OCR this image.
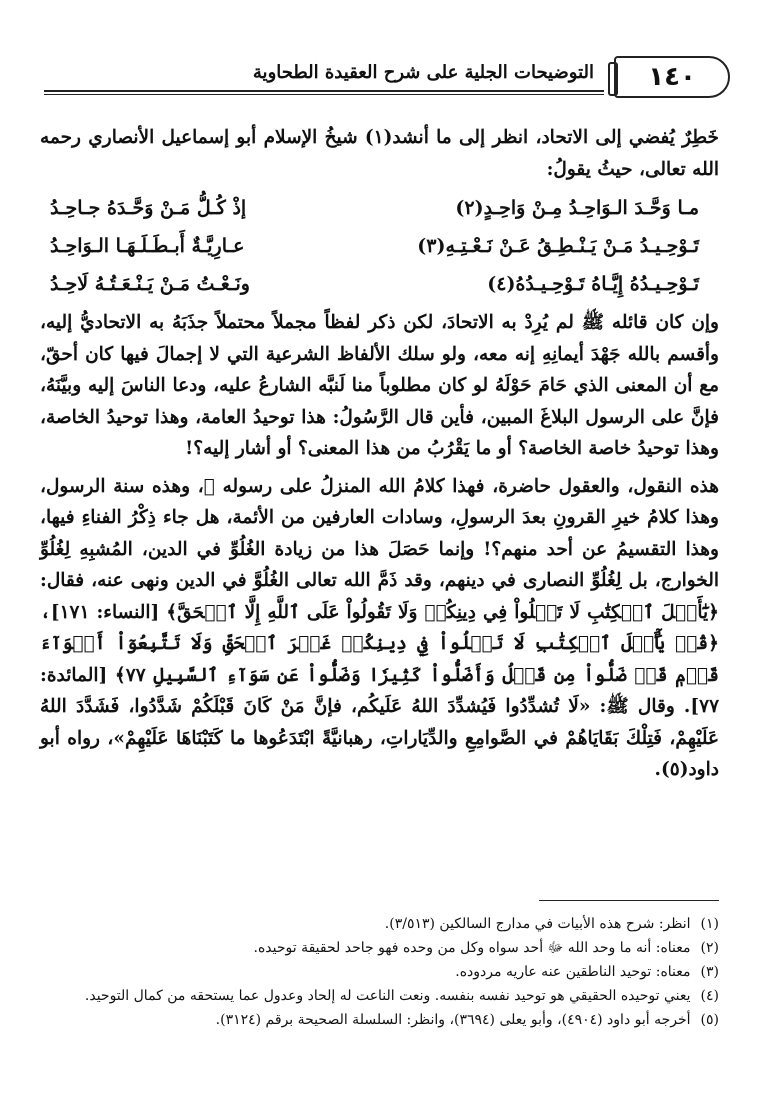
١٤٠
التوضيحات الجلية على شرح العقيدة الطحاوية

خَطِرٌ يُفضي إلى الاتحاد، انظر إلى ما أنشد(١) شيخُ الإسلام أبو إسماعيل الأنصاري رحمه الله تعالى، حيثُ يقولُ:

مـا وَحَّـدَ الـوَاحِـدُ مِـنْ وَاحِـدٍ(٢)
إذْ كُـلُّ مَـنْ وَحَّـدَهُ جـاحِـدُ
تَـوْحِـيـدُ مَـنْ يَـنْـطِـقُ عَـنْ نَـعْـتِـهِ(٣)
عـارِيَّـةٌ أَبـطَـلَـهَـا الـوَاحِـدُ
تَـوْحِـيـدُهُ إِيَّـاهُ تَـوْحِـيـدُهُ(٤)
ونَـعْـتُ مَـنْ يَـنْـعَـتُـهُ لَاحِـدُ

وإن كان قائله ﷺ لم يُرِدْ به الاتحادَ، لكن ذكر لفظاً مجملاً محتملاً جذَبَهُ به الاتحاديُّ إليه، وأقسم بالله جَهْدَ أيمانِهِ إنه معه، ولو سلك الألفاظ الشرعية التي لا إجمالَ فيها كان أحقّ، مع أن المعنى الذي حَامَ حَوْلَهُ لو كان مطلوباً منا لَنبَّه الشارعُ عليه، ودعا الناسَ إليه وبيَّنَهُ، فإنَّ على الرسول البلاغَ المبين، فأين قال الرَّسُولُ: هذا توحيدُ العامة، وهذا توحيدُ الخاصة، وهذا توحيدُ خاصة الخاصة؟ أو ما يَقْرُبُ من هذا المعنى؟ أو أشار إليه؟!

هذه النقول، والعقول حاضرة، فهذا كلامُ الله المنزلُ على رسوله ﷺ، وهذه سنة الرسول، وهذا كلامُ خيرِ القرونِ بعدَ الرسولِ، وسادات العارفين من الأئمة، هل جاء ذِكْرُ الفناءِ فيها، وهذا التقسيمُ عن أحد منهم؟! وإنما حَصَلَ هذا من زيادة الغُلُوِّ في الدين، المُشبِهِ لِغُلُوِّ الخوارج، بل لِغُلُوِّ النصارى في دينهم، وقد ذَمَّ الله تعالى الغُلُوَّ في الدين ونهى عنه، فقال: ﴿يَٰٓأَهۡلَ ٱلۡكِتَٰبِ لَا تَغۡلُواْ فِي دِينِكُمۡ وَلَا تَقُولُواْ عَلَى ٱللَّهِ إِلَّا ٱلۡحَقَّ﴾ [النساء: ١٧١]، ﴿قُلۡ يَٰٓأَهۡلَ ٱلۡكِتَٰبِ لَا تَغۡلُواْ فِي دِينِكُمۡ غَيۡرَ ٱلۡحَقِّ وَلَا تَتَّبِعُوٓاْ أَهۡوَآءَ قَوۡمٖ قَدۡ ضَلُّواْ مِن قَبۡلُ وَأَضَلُّواْ كَثِيرٗا وَضَلُّواْ عَن سَوَآءِ ٱلسَّبِيلِ ٧٧﴾ [المائدة: ٧٧]. وقال ﷺ: «لَا تُشدِّدُوا فَيُشدِّدَ اللهُ عَلَيكُم، فإنَّ مَنْ كَانَ قَبْلَكُمْ شَدَّدُوا، فَشَدَّدَ اللهُ عَلَيْهِمْ، فَتِلْكَ بَقَايَاهُمْ في الصَّوامِعِ والدِّيَاراتِ، رهبانيَّةً ابْتَدَعُوها ما كَتَبْنَاهَا عَلَيْهِمْ»، رواه أبو داود(٥).

(١)انظر: شرح هذه الأبيات في مدارج السالكين (٣/٥١٣).

(٢)معناه: أنه ما وحد الله ﷻ أحد سواه وكل من وحده فهو جاحد لحقيقة توحيده.

(٣)معناه: توحيد الناطقين عنه عاريه مردوده.

(٤)يعني توحيده الحقيقي هو توحيد نفسه بنفسه. ونعت الناعت له إلحاد وعدول عما يستحقه من كمال التوحيد.

(٥)أخرجه أبو داود (٤٩٠٤)، وأبو يعلى (٣٦٩٤)، وانظر: السلسلة الصحيحة برقم (٣١٢٤).
